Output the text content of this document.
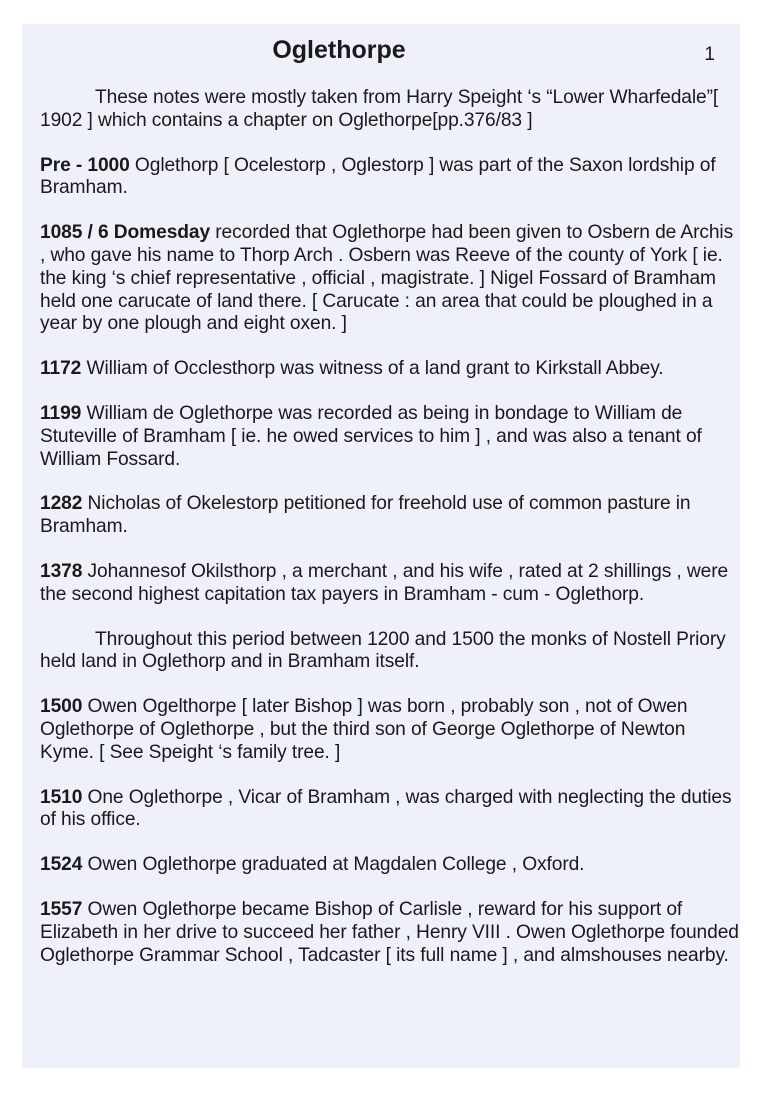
Oglethorpe	1

These notes were mostly taken from Harry Speight ‘s “Lower Wharfedale”[ 1902 ] which contains a chapter on Oglethorpe[pp.376/83 ]

Pre - 1000 Oglethorp [ Ocelestorp , Oglestorp ] was part of the Saxon lordship of Bramham.

1085 / 6 Domesday recorded that Oglethorpe had been given to Osbern de Archis , who gave his name to Thorp Arch . Osbern was Reeve of the county of York [ ie. the king ‘s chief representative , official , magistrate. ] Nigel Fossard of Bramham held one carucate of land there. [ Carucate : an area that could be ploughed in a year by one plough and eight oxen. ]

1172 William of Occlesthorp was witness of a land grant to Kirkstall Abbey.

1199 William de Oglethorpe was recorded as being in bondage to William de Stuteville of Bramham [ ie. he owed services to him ] , and was also a tenant of William Fossard.

1282 Nicholas of Okelestorp petitioned for freehold use of common pasture in Bramham.

1378 Johannesof Okilsthorp , a merchant , and his wife , rated at 2 shillings , were the second highest capitation tax payers in Bramham - cum - Oglethorp.

Throughout this period between 1200 and 1500 the monks of Nostell Priory held land in Oglethorp and in Bramham itself.

1500 Owen Ogelthorpe [ later Bishop ] was born , probably son , not of Owen Oglethorpe of Oglethorpe , but the third son of George Oglethorpe of Newton Kyme. [ See Speight ‘s family tree. ]

1510 One Oglethorpe , Vicar of Bramham , was charged with neglecting the duties of his office.

1524 Owen Oglethorpe graduated at Magdalen College , Oxford.

1557 Owen Oglethorpe became Bishop of Carlisle , reward for his support of Elizabeth in her drive to succeed her father , Henry VIII . Owen Oglethorpe founded Oglethorpe Grammar School , Tadcaster [ its full name ] , and almshouses nearby.
